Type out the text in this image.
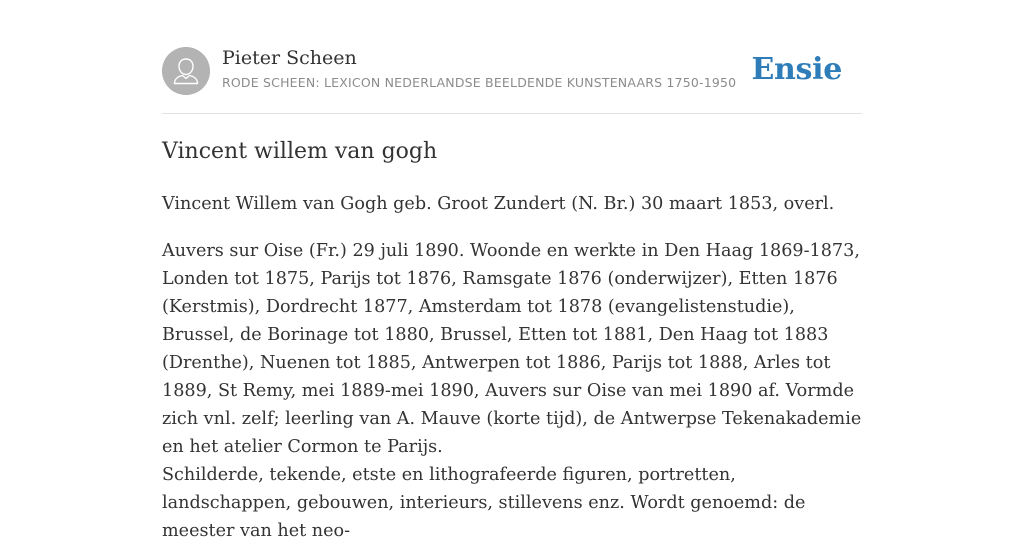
Pieter Scheen
RODE SCHEEN: LEXICON NEDERLANDSE BEELDENDE KUNSTENAARS 1750-1950 Ensie
Vincent willem van gogh

Vincent Willem van Gogh geb. Groot Zundert (N. Br.) 30 maart 1853, overl.

Auvers sur Oise (Fr.) 29 juli 1890. Woonde en werkte in Den Haag 1869-1873, Londen tot 1875, Parijs tot 1876, Ramsgate 1876 (onderwijzer), Etten 1876 (Kerstmis), Dordrecht 1877, Amsterdam tot 1878 (evangelistenstudie), Brussel, de Borinage tot 1880, Brussel, Etten tot 1881, Den Haag tot 1883 (Drenthe), Nuenen tot 1885, Antwerpen tot 1886, Parijs tot 1888, Arles tot 1889, St Remy, mei 1889-mei 1890, Auvers sur Oise van mei 1890 af. Vormde zich vnl. zelf; leerling van A. Mauve (korte tijd), de Antwerpse Tekenakademie en het atelier Cormon te Parijs.

Schilderde, tekende, etste en lithografeerde figuren, portretten, landschappen, gebouwen, interieurs, stillevens enz. Wordt genoemd: de meester van het neo-
